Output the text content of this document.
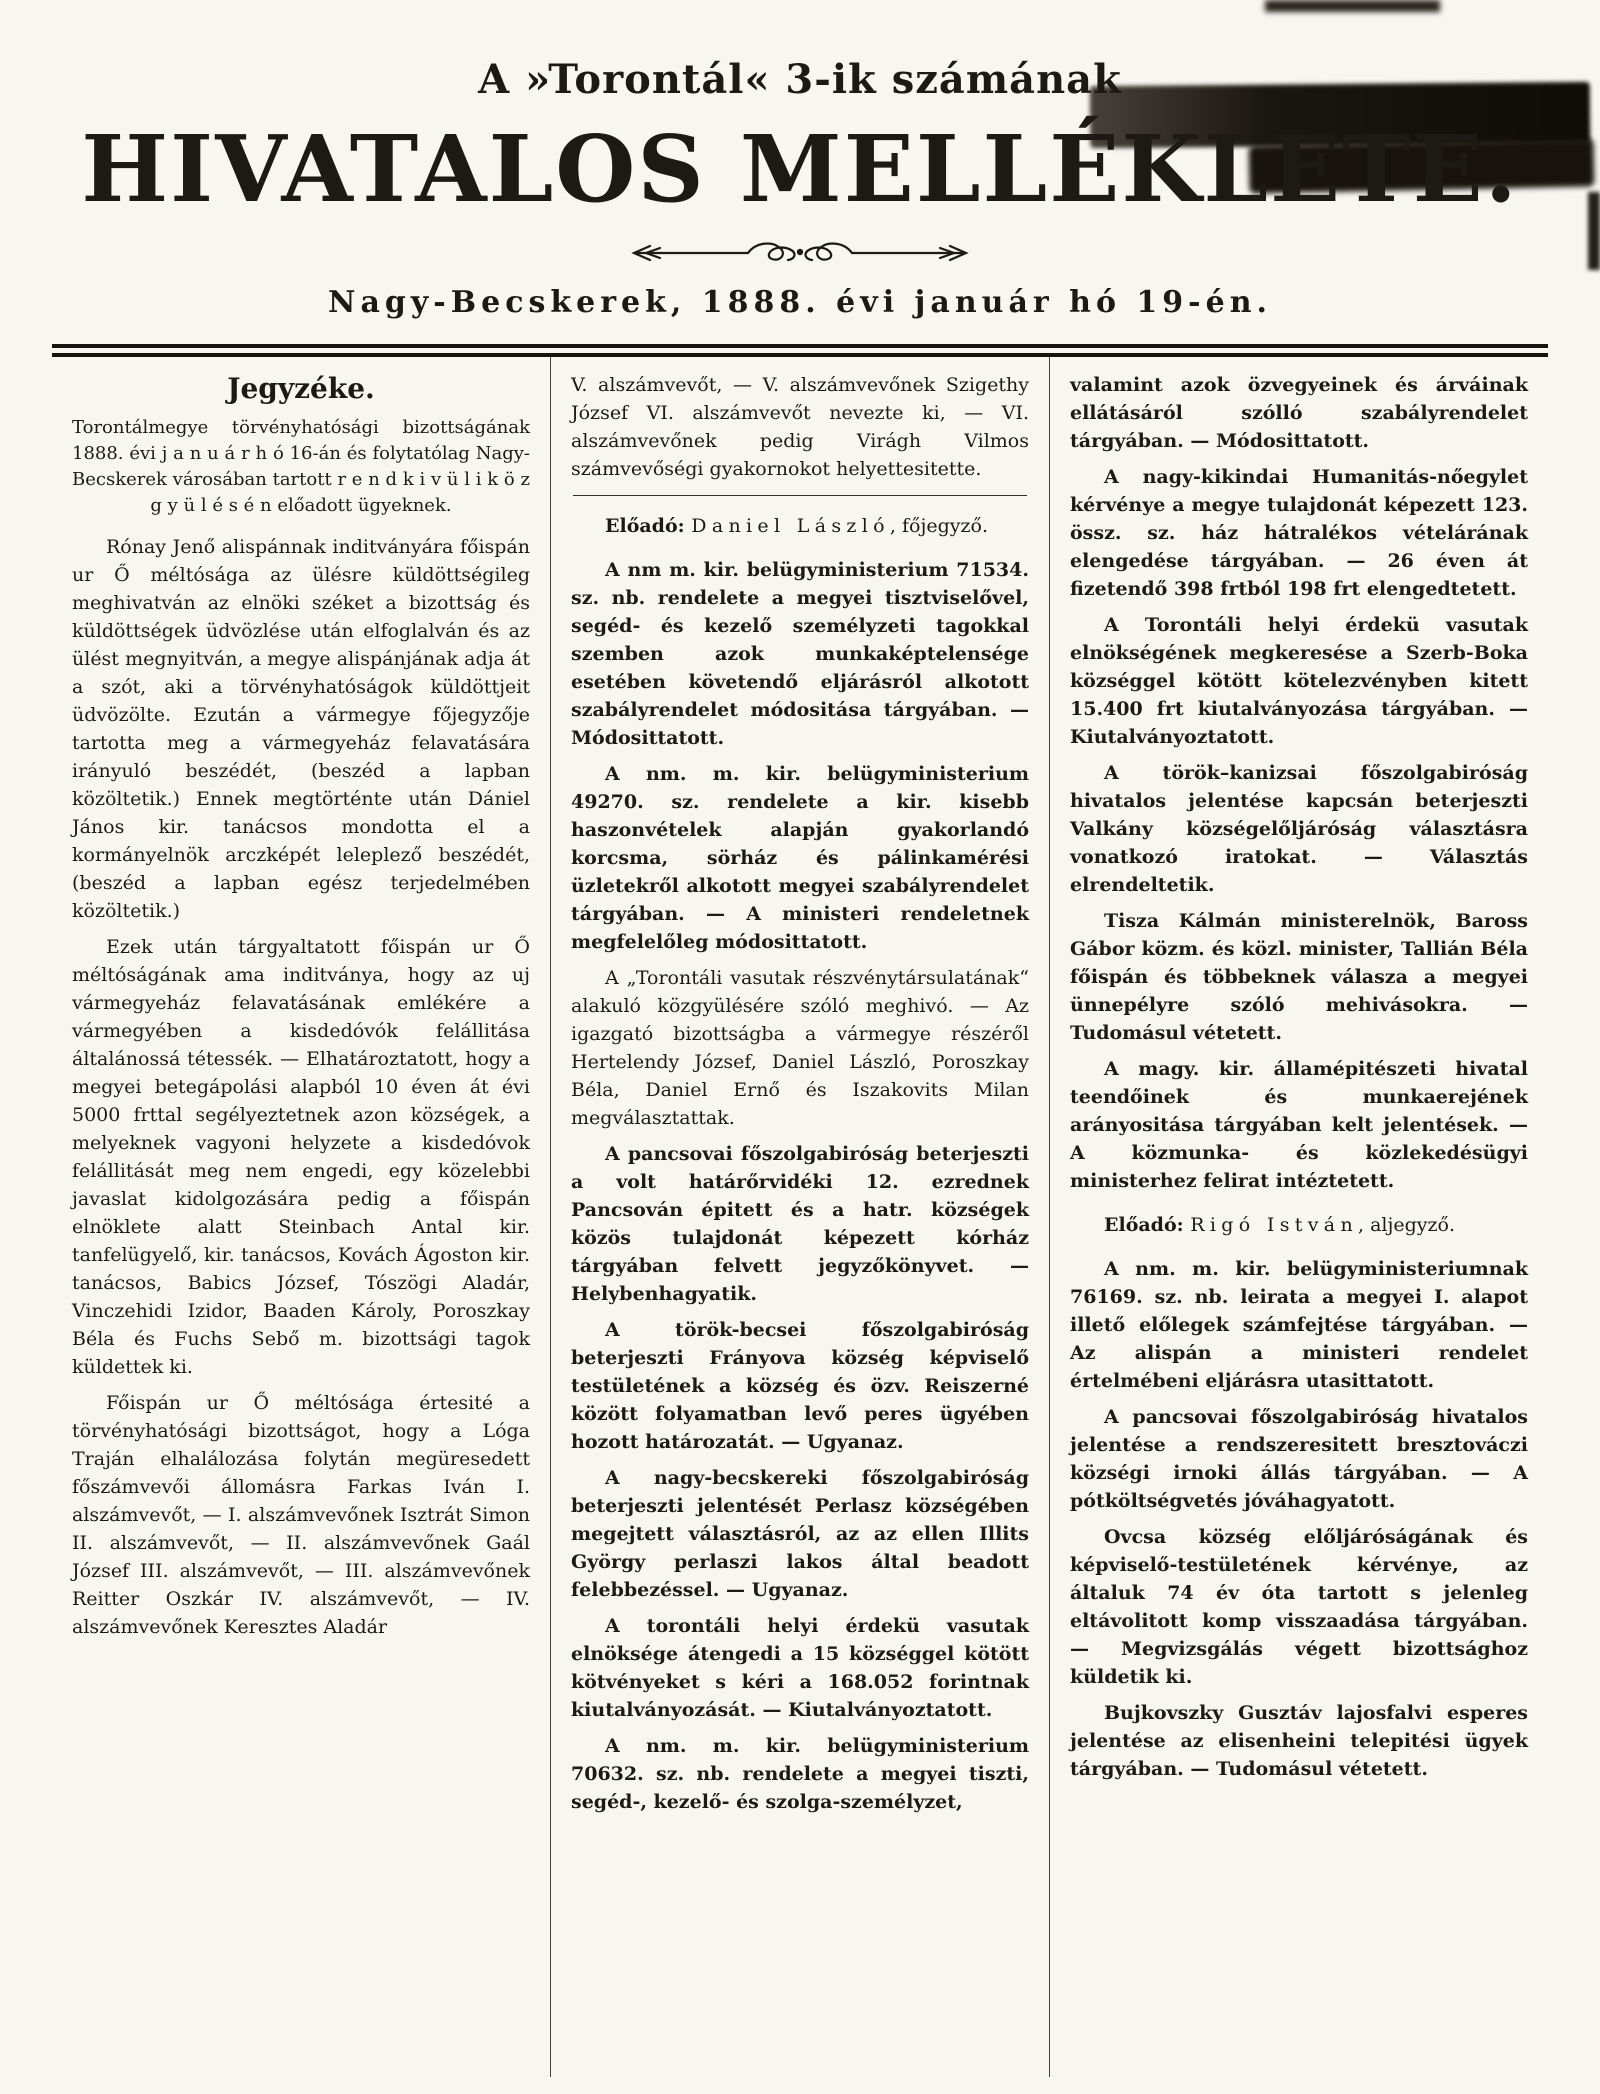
A »Torontál« 3-ik számának
HIVATALOS MELLÉKLETE.
Nagy-Becskerek, 1888. évi január hó 19-én.
Jegyzéke.

Torontálmegye törvényhatósági bizottságának 1888. évi j a n u á r h ó 16-án és folytatólag Nagy-Becskerek városában tartott r e n d k i v ü l i k ö z g y ü l é s é n előadott ügyeknek.

Rónay Jenő alispánnak inditványára főispán ur Ő méltósága az ülésre küldöttségileg meghivatván az elnöki széket a bizottság és küldöttségek üdvözlése után elfoglalván és az ülést megnyitván, a megye alispánjának adja át a szót, aki a törvényhatóságok küldöttjeit üdvözölte. Ezután a vármegye főjegyzője tartotta meg a vármegyeház felavatására irányuló beszédét, (beszéd a lapban közöltetik.) Ennek megtörténte után Dániel János kir. tanácsos mondotta el a kormányelnök arczképét leleplező beszédét, (beszéd a lapban egész terjedelmében közöltetik.)

Ezek után tárgyaltatott főispán ur Ő méltóságának ama inditványa, hogy az uj vármegyeház felavatásának emlékére a vármegyében a kisdedóvók felállitása általánossá tétessék. — Elhatároztatott, hogy a megyei betegápolási alapból 10 éven át évi 5000 frttal segélyeztetnek azon községek, a melyeknek vagyoni helyzete a kisdedóvok felállitását meg nem engedi, egy közelebbi javaslat kidolgozására pedig a főispán elnöklete alatt Steinbach Antal kir. tanfelügyelő, kir. tanácsos, Kovách Ágoston kir. tanácsos, Babics József, Tószögi Aladár, Vinczehidi Izidor, Baaden Károly, Poroszkay Béla és Fuchs Sebő m. bizottsági tagok küldettek ki.

Főispán ur Ő méltósága értesité a törvényhatósági bizottságot, hogy a Lóga Traján elhalálozása folytán megüresedett főszámvevői állomásra Farkas Iván I. alszámvevőt, — I. alszámvevőnek Isztrát Simon II. alszámvevőt, — II. alszámvevőnek Gaál József III. alszámvevőt, — III. alszámvevőnek Reitter Oszkár IV. alszámvevőt, — IV. alszámvevőnek Keresztes Aladár

V. alszámvevőt, — V. alszámvevőnek Szigethy József VI. alszámvevőt nevezte ki, — VI. alszámvevőnek pedig Virágh Vilmos számvevőségi gyakornokot helyettesitette.

Előadó: Daniel László, főjegyző.

A nm m. kir. belügyministerium 71534. sz. nb. rendelete a megyei tisztviselővel, segéd- és kezelő személyzeti tagokkal szemben azok munkaképtelensége esetében követendő eljárásról alkotott szabályrendelet módositása tárgyában. — Módosittatott.

A nm. m. kir. belügyministerium 49270. sz. rendelete a kir. kisebb haszonvételek alapján gyakorlandó korcsma, sörház és pálinkamérési üzletekről alkotott megyei szabályrendelet tárgyában. — A ministeri rendeletnek megfelelőleg módosittatott.

A „Torontáli vasutak részvénytársulatának“ alakuló közgyülésére szóló meghivó. — Az igazgató bizottságba a vármegye részéről Hertelendy József, Daniel László, Poroszkay Béla, Daniel Ernő és Iszakovits Milan megválasztattak.

A pancsovai főszolgabiróság beterjeszti a volt határőrvidéki 12. ezrednek Pancsován épitett és a hatr. községek közös tulajdonát képezett kórház tárgyában felvett jegyzőkönyvet. — Helybenhagyatik.

A török-becsei főszolgabiróság beterjeszti Frányova község képviselő testületének a község és özv. Reiszerné között folyamatban levő peres ügyében hozott határozatát. — Ugyanaz.

A nagy-becskereki főszolgabiróság beterjeszti jelentését Perlasz községében megejtett választásról, az az ellen Illits György perlaszi lakos által beadott felebbezéssel. — Ugyanaz.

A torontáli helyi érdekü vasutak elnöksége átengedi a 15 községgel kötött kötvényeket s kéri a 168.052 forintnak kiutalványozását. — Kiutalványoztatott.

A nm. m. kir. belügyministerium 70632. sz. nb. rendelete a megyei tiszti, segéd-, kezelő- és szolga-személyzet,

valamint azok özvegyeinek és árváinak ellátásáról szólló szabályrendelet tárgyában. — Módosittatott.

A nagy-kikindai Humanitás-nőegylet kérvénye a megye tulajdonát képezett 123. össz. sz. ház hátralékos vételárának elengedése tárgyában. — 26 éven át fizetendő 398 frtból 198 frt elengedtetett.

A Torontáli helyi érdekü vasutak elnökségének megkeresése a Szerb-Boka községgel kötött kötelezvényben kitett 15.400 frt kiutalványozása tárgyában. — Kiutalványoztatott.

A török–kanizsai főszolgabiróság hivatalos jelentése kapcsán beterjeszti Valkány községelőljáróság választásra vonatkozó iratokat. — Választás elrendeltetik.

Tisza Kálmán ministerelnök, Baross Gábor közm. és közl. minister, Tallián Béla főispán és többeknek válasza a megyei ünnepélyre szóló mehivásokra. — Tudomásul vétetett.

A magy. kir. államépitészeti hivatal teendőinek és munkaerejének arányositása tárgyában kelt jelentések. — A közmunka- és közlekedésügyi ministerhez felirat intéztetett.

Előadó: Rigó István, aljegyző.

A nm. m. kir. belügyministeriumnak 76169. sz. nb. leirata a megyei I. alapot illető előlegek számfejtése tárgyában. — Az alispán a ministeri rendelet értelmébeni eljárásra utasittatott.

A pancsovai főszolgabiróság hivatalos jelentése a rendszeresitett bresztováczi községi irnoki állás tárgyában. — A pótköltségvetés jóváhagyatott.

Ovcsa község előljáróságának és képviselő-testületének kérvénye, az általuk 74 év óta tartott s jelenleg eltávolitott komp visszaadása tárgyában. — Megvizsgálás végett bizottsághoz küldetik ki.

Bujkovszky Gusztáv lajosfalvi esperes jelentése az elisenheini telepitési ügyek tárgyában. — Tudomásul vétetett.
